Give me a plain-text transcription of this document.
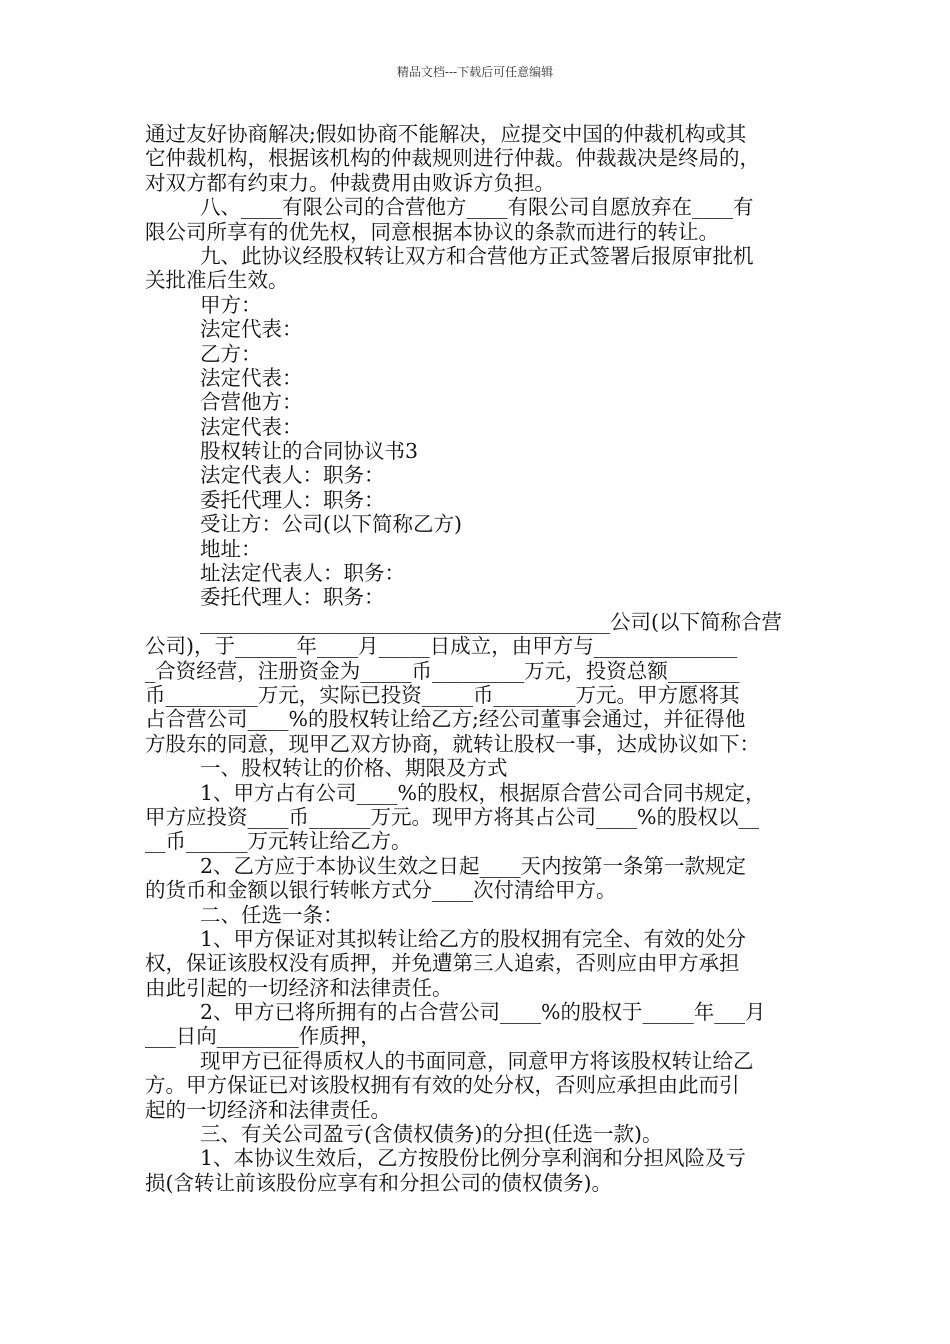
精品文档---下载后可任意编辑
通过友好协商解决;假如协商不能解决，应提交中国的仲裁机构或其
它仲裁机构，根据该机构的仲裁规则进行仲裁。仲裁裁决是终局的，
对双方都有约束力。仲裁费用由败诉方负担。
八、____有限公司的合营他方____有限公司自愿放弃在____有
限公司所享有的优先权，同意根据本协议的条款而进行的转让。
九、此协议经股权转让双方和合营他方正式签署后报原审批机
关批准后生效。
甲方：
法定代表：
乙方：
法定代表：
合营他方：
法定代表：
股权转让的合同协议书3
法定代表人：职务：
委托代理人：职务：
受让方：公司(以下简称乙方)
地址：
址法定代表人：职务：
委托代理人：职务：
________________________________________公司(以下简称合营
公司)，于______年____月_____日成立，由甲方与______________
_合资经营，注册资金为_____币_________万元，投资总额_______
币_________万元，实际已投资_____币________万元。甲方愿将其
占合营公司____%的股权转让给乙方;经公司董事会通过，并征得他
方股东的同意，现甲乙双方协商，就转让股权一事，达成协议如下：
一、股权转让的价格、期限及方式
1、甲方占有公司____%的股权，根据原合营公司合同书规定，
甲方应投资____币______万元。现甲方将其占公司____%的股权以__
__币______万元转让给乙方。
2、乙方应于本协议生效之日起____天内按第一条第一款规定
的货币和金额以银行转帐方式分____次付清给甲方。
二、任选一条：
1、甲方保证对其拟转让给乙方的股权拥有完全、有效的处分
权，保证该股权没有质押，并免遭第三人追索，否则应由甲方承担
由此引起的一切经济和法律责任。
2、甲方已将所拥有的占合营公司____%的股权于_____年___月
___日向________作质押，
现甲方已征得质权人的书面同意，同意甲方将该股权转让给乙
方。甲方保证已对该股权拥有有效的处分权，否则应承担由此而引
起的一切经济和法律责任。
三、有关公司盈亏(含债权债务)的分担(任选一款)。
1、本协议生效后，乙方按股份比例分享利润和分担风险及亏
损(含转让前该股份应享有和分担公司的债权债务)。
